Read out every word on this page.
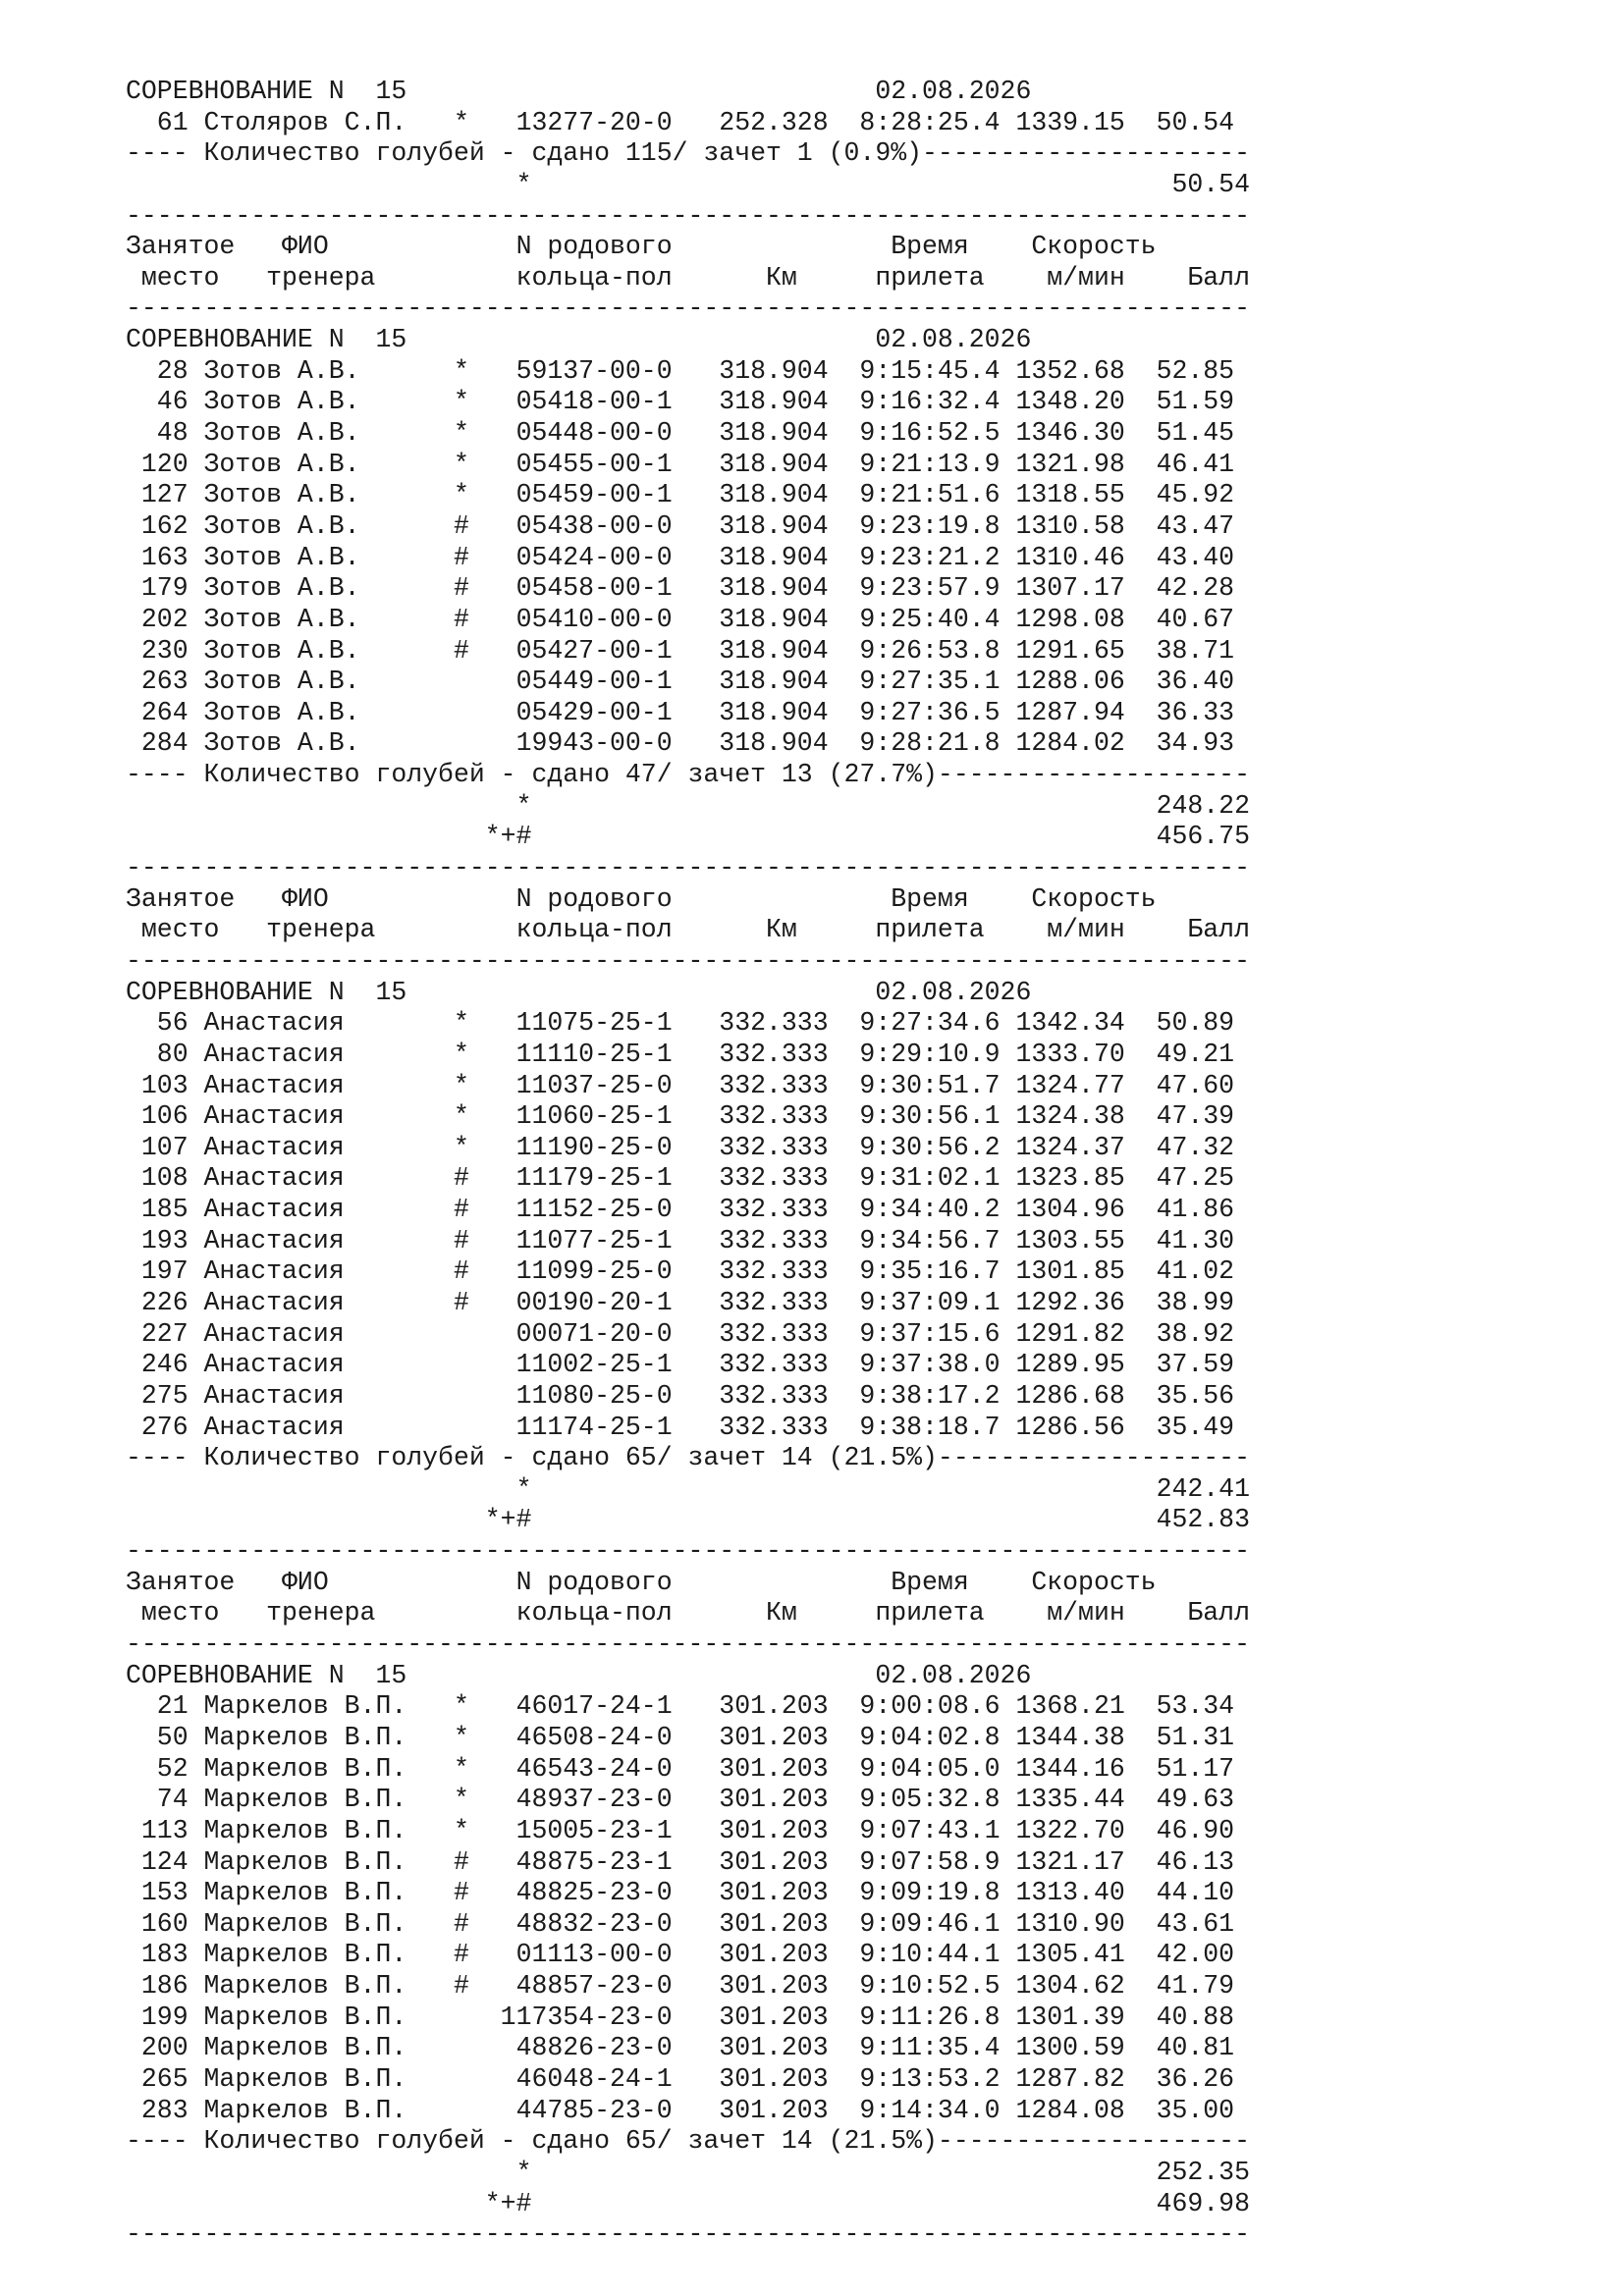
СОРЕВНОВАНИЕ N  15                              02.08.2026
61 Столяров С.П.   *   13277-20-0   252.328  8:28:25.4 1339.15  50.54
---- Количество голубей - сдано 115/ зачет 1 (0.9%)---------------------
*                                         50.54
------------------------------------------------------------------------
Занятое   ФИО            N родового              Время    Скорость
место   тренера         кольца-пол      Км     прилета    м/мин    Балл
------------------------------------------------------------------------
СОРЕВНОВАНИЕ N  15                              02.08.2026
28 Зотов А.В.      *   59137-00-0   318.904  9:15:45.4 1352.68  52.85
46 Зотов А.В.      *   05418-00-1   318.904  9:16:32.4 1348.20  51.59
48 Зотов А.В.      *   05448-00-0   318.904  9:16:52.5 1346.30  51.45
120 Зотов А.В.      *   05455-00-1   318.904  9:21:13.9 1321.98  46.41
127 Зотов А.В.      *   05459-00-1   318.904  9:21:51.6 1318.55  45.92
162 Зотов А.В.      #   05438-00-0   318.904  9:23:19.8 1310.58  43.47
163 Зотов А.В.      #   05424-00-0   318.904  9:23:21.2 1310.46  43.40
179 Зотов А.В.      #   05458-00-1   318.904  9:23:57.9 1307.17  42.28
202 Зотов А.В.      #   05410-00-0   318.904  9:25:40.4 1298.08  40.67
230 Зотов А.В.      #   05427-00-1   318.904  9:26:53.8 1291.65  38.71
263 Зотов А.В.          05449-00-1   318.904  9:27:35.1 1288.06  36.40
264 Зотов А.В.          05429-00-1   318.904  9:27:36.5 1287.94  36.33
284 Зотов А.В.          19943-00-0   318.904  9:28:21.8 1284.02  34.93
---- Количество голубей - сдано 47/ зачет 13 (27.7%)--------------------
*                                        248.22
*+#                                        456.75
------------------------------------------------------------------------
Занятое   ФИО            N родового              Время    Скорость
место   тренера         кольца-пол      Км     прилета    м/мин    Балл
------------------------------------------------------------------------
СОРЕВНОВАНИЕ N  15                              02.08.2026
56 Анастасия       *   11075-25-1   332.333  9:27:34.6 1342.34  50.89
80 Анастасия       *   11110-25-1   332.333  9:29:10.9 1333.70  49.21
103 Анастасия       *   11037-25-0   332.333  9:30:51.7 1324.77  47.60
106 Анастасия       *   11060-25-1   332.333  9:30:56.1 1324.38  47.39
107 Анастасия       *   11190-25-0   332.333  9:30:56.2 1324.37  47.32
108 Анастасия       #   11179-25-1   332.333  9:31:02.1 1323.85  47.25
185 Анастасия       #   11152-25-0   332.333  9:34:40.2 1304.96  41.86
193 Анастасия       #   11077-25-1   332.333  9:34:56.7 1303.55  41.30
197 Анастасия       #   11099-25-0   332.333  9:35:16.7 1301.85  41.02
226 Анастасия       #   00190-20-1   332.333  9:37:09.1 1292.36  38.99
227 Анастасия           00071-20-0   332.333  9:37:15.6 1291.82  38.92
246 Анастасия           11002-25-1   332.333  9:37:38.0 1289.95  37.59
275 Анастасия           11080-25-0   332.333  9:38:17.2 1286.68  35.56
276 Анастасия           11174-25-1   332.333  9:38:18.7 1286.56  35.49
---- Количество голубей - сдано 65/ зачет 14 (21.5%)--------------------
*                                        242.41
*+#                                        452.83
------------------------------------------------------------------------
Занятое   ФИО            N родового              Время    Скорость
место   тренера         кольца-пол      Км     прилета    м/мин    Балл
------------------------------------------------------------------------
СОРЕВНОВАНИЕ N  15                              02.08.2026
21 Маркелов В.П.   *   46017-24-1   301.203  9:00:08.6 1368.21  53.34
50 Маркелов В.П.   *   46508-24-0   301.203  9:04:02.8 1344.38  51.31
52 Маркелов В.П.   *   46543-24-0   301.203  9:04:05.0 1344.16  51.17
74 Маркелов В.П.   *   48937-23-0   301.203  9:05:32.8 1335.44  49.63
113 Маркелов В.П.   *   15005-23-1   301.203  9:07:43.1 1322.70  46.90
124 Маркелов В.П.   #   48875-23-1   301.203  9:07:58.9 1321.17  46.13
153 Маркелов В.П.   #   48825-23-0   301.203  9:09:19.8 1313.40  44.10
160 Маркелов В.П.   #   48832-23-0   301.203  9:09:46.1 1310.90  43.61
183 Маркелов В.П.   #   01113-00-0   301.203  9:10:44.1 1305.41  42.00
186 Маркелов В.П.   #   48857-23-0   301.203  9:10:52.5 1304.62  41.79
199 Маркелов В.П.      117354-23-0   301.203  9:11:26.8 1301.39  40.88
200 Маркелов В.П.       48826-23-0   301.203  9:11:35.4 1300.59  40.81
265 Маркелов В.П.       46048-24-1   301.203  9:13:53.2 1287.82  36.26
283 Маркелов В.П.       44785-23-0   301.203  9:14:34.0 1284.08  35.00
---- Количество голубей - сдано 65/ зачет 14 (21.5%)--------------------
*                                        252.35
*+#                                        469.98
------------------------------------------------------------------------
